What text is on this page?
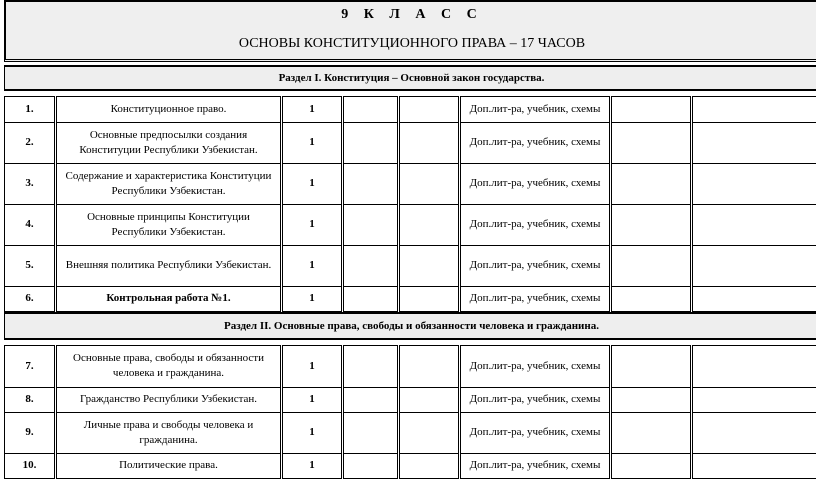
9 К Л А С С
ОСНОВЫ КОНСТИТУЦИОННОГО ПРАВА – 17 ЧАСОВ

Раздел I. Конституция – Основной закон государства.							

1.	Конституционное право.	1			Доп.лит-ра, учебник, схемы		
2.	Основные предпосылки создания Конституции Республики Узбекистан.	1			Доп.лит-ра, учебник, схемы		
3.	Содержание и характеристика Конституции Республики Узбекистан.	1			Доп.лит-ра, учебник, схемы		
4.	Основные принципы Конституции Республики Узбекистан.	1			Доп.лит-ра, учебник, схемы		
5.	Внешняя политика Республики Узбекистан.	1			Доп.лит-ра, учебник, схемы		
6.	Контрольная работа №1.	1			Доп.лит-ра, учебник, схемы		

Раздел II. Основные права, свободы и обязанности человека и гражданина.							

7.	Основные права, свободы и обязанности человека и гражданина.	1			Доп.лит-ра, учебник, схемы		
8.	Гражданство Республики Узбекистан.	1			Доп.лит-ра, учебник, схемы		
9.	Личные права и свободы человека и гражданина.	1			Доп.лит-ра, учебник, схемы		
10.	Политические права.	1			Доп.лит-ра, учебник, схемы		
